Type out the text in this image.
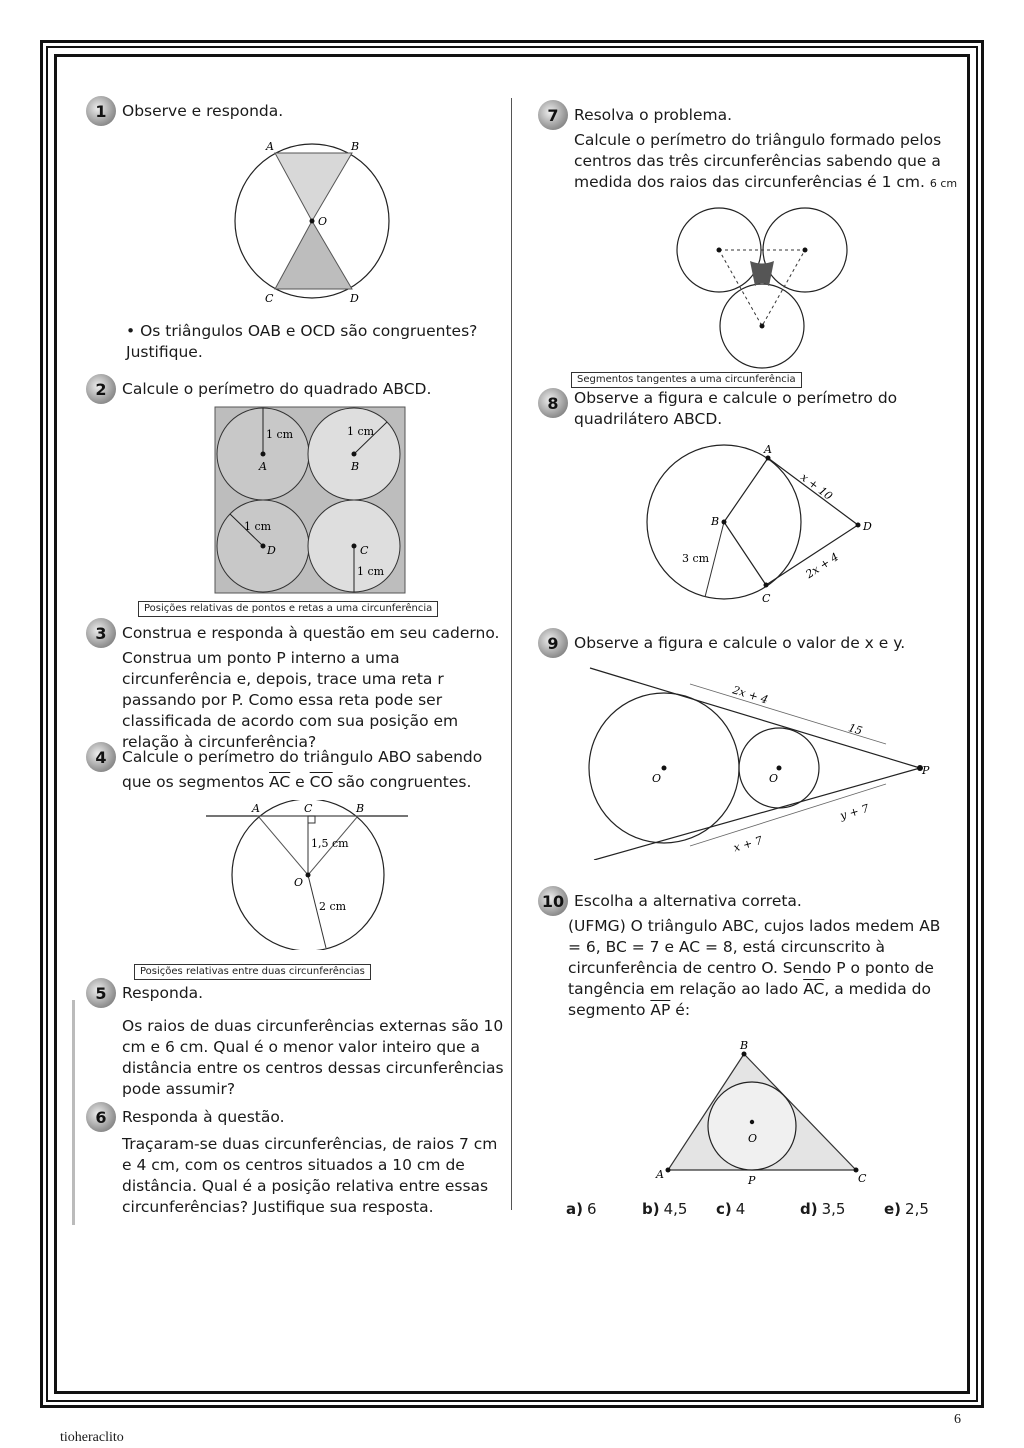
1 Observe e responda.
A	B
O
C	D
• Os triângulos OAB e OCD são congruentes? Justifique.
2 Calcule o perímetro do quadrado ABCD.
1 cm	1 cm
1 cm
1 cm
A	B
D	C
Posições relativas de pontos e retas a uma circunferência
3 Construa e responda à questão em seu caderno.
Construa um ponto P interno a uma circunferência e, depois, trace uma reta r passando por P. Como essa reta pode ser classificada de acordo com sua posição em relação à circunferência?
4 Calcule o perímetro do triângulo ABO sabendo
que os segmentos $\overline{AC}$ e $\overline{CO}$ são congruentes.
A	C	B
1,5 cm
O
2 cm
Posições relativas entre duas circunferências
5 Responda.
Os raios de duas circunferências externas são 10 cm e 6 cm. Qual é o menor valor inteiro que a distância entre os centros dessas circunferências pode assumir?
6 Responda à questão.
Traçaram-se duas circunferências, de raios 7 cm e 4 cm, com os centros situados a 10 cm de distância. Qual é a posição relativa entre essas circunferências? Justifique sua resposta.
7 Resolva o problema.
Calcule o perímetro do triângulo formado pelos centros das três circunferências sabendo que a medida dos raios das circunferências é 1 cm. 6 cm
Segmentos tangentes a uma circunferência
8 Observe a figura e calcule o perímetro do quadrilátero ABCD.
A
B
C
D
x + 10
2x + 4
3 cm
9 Observe a figura e calcule o valor de x e y.
2x + 4
15
y + 7
x + 7
O	O
P
10 Escolha a alternativa correta.
(UFMG) O triângulo ABC, cujos lados medem AB = 6, BC = 7 e AC = 8, está circunscrito à circunferência de centro O. Sendo P o ponto de tangência em relação ao lado $\overline{AC}$, a medida do segmento $\overline{AP}$ é:
B
A	C
O
P
a) 6	b) 4,5	c) 4	d) 3,5	e) 2,5
6
tioheraclito
